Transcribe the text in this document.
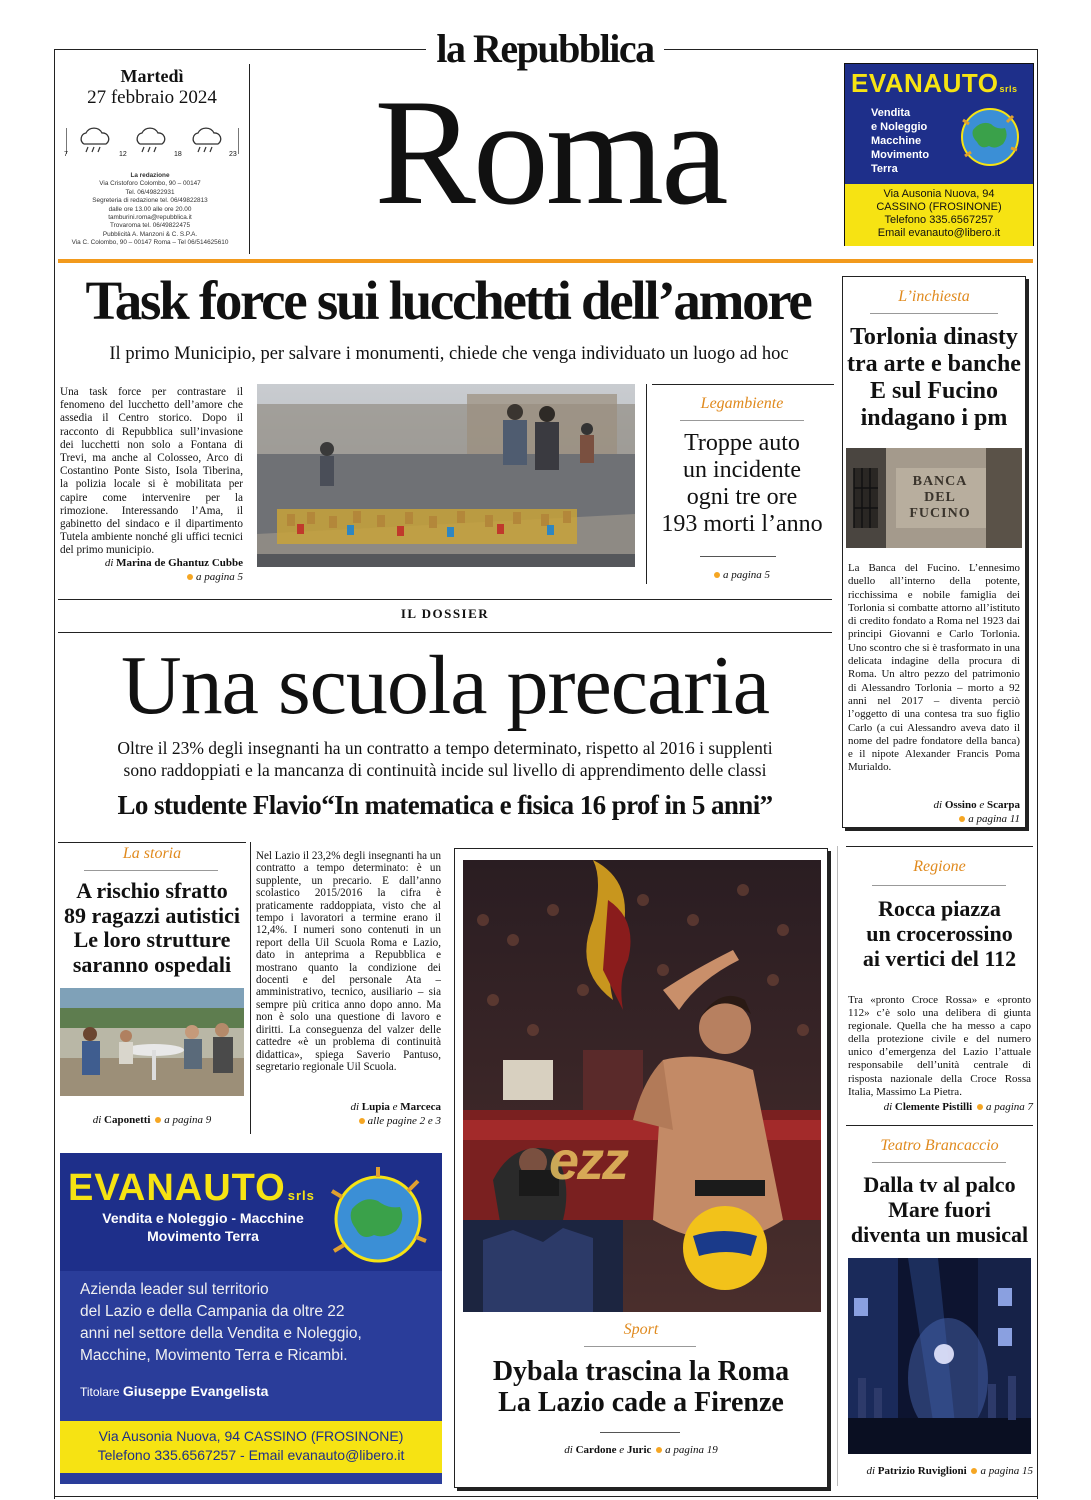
la Repubblica
Roma
Martedì
27 febbraio 2024
7	12	18	23
La redazione
Via Cristoforo Colombo, 90 – 00147
Tel. 06/49822931
Segreteria di redazione tel. 06/49822813
dalle ore 13.00 alle ore 20.00
tamburini.roma@repubblica.it
Trovaroma tel. 06/49822475
Pubblicità A. Manzoni & C. S.P.A.
Via C. Colombo, 90 – 00147 Roma – Tel 06/514625610
EVANAUTOsrls
Vendita
e Noleggio
Macchine
Movimento
Terra
Via Ausonia Nuova, 94
CASSINO (FROSINONE)
Telefono 335.6567257
Email evanauto@libero.it
Task force sui lucchetti dell’amore
Il primo Municipio, per salvare i monumenti, chiede che venga individuato un luogo ad hoc
Una task force per contrastare il fenomeno del lucchetto dell’amore che assedia il Centro storico. Dopo il racconto di Repubblica sull’invasione dei lucchetti non solo a Fontana di Trevi, ma anche al Colosseo, Arco di Costantino Ponte Sisto, Isola Tiberina, la polizia locale si è mobilitata per capire come intervenire per la rimozione. Interessando l’Ama, il gabinetto del sindaco e il dipartimento Tutela ambiente nonché gli uffici tecnici del primo municipio.
di Marina de Ghantuz Cubbe
a pagina 5
Legambiente
Troppe auto
un incidente
ogni tre ore
193 morti l’anno
a pagina 5
L’inchiesta
Torlonia dinasty
tra arte e banche
E sul Fucino
indagano i pm
BANCA DEL FUCINO
La Banca del Fucino. L’ennesimo duello all’interno della potente, ricchissima e nobile famiglia dei Torlonia si combatte attorno all’istituto di credito fondato a Roma nel 1923 dai principi Giovanni e Carlo Torlonia. Uno scontro che si è trasformato in una delicata indagine della procura di Roma. Un altro pezzo del patrimonio di Alessandro Torlonia – morto a 92 anni nel 2017 – diventa perciò l’oggetto di una contesa tra suo figlio Carlo (a cui Alessandro aveva dato il nome del padre fondatore della banca) e il nipote Alexander Francis Poma Murialdo.
di Ossino e Scarpa
a pagina 11
IL DOSSIER
Una scuola precaria
Oltre il 23% degli insegnanti ha un contratto a tempo determinato, rispetto al 2016 i supplenti
sono raddoppiati e la mancanza di continuità incide sul livello di apprendimento delle classi
Lo studente Flavio“In matematica e fisica 16 prof in 5 anni”
La storia
A rischio sfratto
89 ragazzi autistici
Le loro strutture
saranno ospedali
di Caponetti a pagina 9
Nel Lazio il 23,2% degli insegnanti ha un contratto a tempo determinato: è un supplente, un precario. E dall’anno scolastico 2015/2016 la cifra è praticamente raddoppiata, visto che al tempo i lavoratori a termine erano il 12,4%. I numeri sono contenuti in un report della Uil Scuola Roma e Lazio, dato in anteprima a Repubblica e mostrano quanto la condizione dei docenti e del personale Ata – amministrativo, tecnico, ausiliario – sia sempre più critica anno dopo anno. Ma non è solo una questione di lavoro e diritti. La conseguenza del valzer delle cattedre «è un problema di continuità didattica», spiega Saverio Pantuso, segretario regionale Uil Scuola.
di Lupia e Marceca
alle pagine 2 e 3
ezz
Sport
Dybala trascina la Roma
La Lazio cade a Firenze
di Cardone e Juric a pagina 19
Regione
Rocca piazza
un crocerossino
ai vertici del 112
Tra «pronto Croce Rossa» e «pronto 112» c’è solo una delibera di giunta regionale. Quella che ha messo a capo della protezione civile e del numero unico d’emergenza del Lazio l’attuale responsabile dell’unità centrale di risposta nazionale della Croce Rossa Italia, Massimo La Pietra.
di Clemente Pistilli a pagina 7
Teatro Brancaccio
Dalla tv al palco
Mare fuori
diventa un musical
di Patrizio Ruviglioni a pagina 15
EVANAUTO srls
Vendita e Noleggio - Macchine
Movimento Terra
Azienda leader sul territorio
del Lazio e della Campania da oltre 22
anni nel settore della Vendita e Noleggio,
Macchine, Movimento Terra e Ricambi.
Titolare Giuseppe Evangelista
Via Ausonia Nuova, 94 CASSINO (FROSINONE)
Telefono 335.6567257 - Email evanauto@libero.it
